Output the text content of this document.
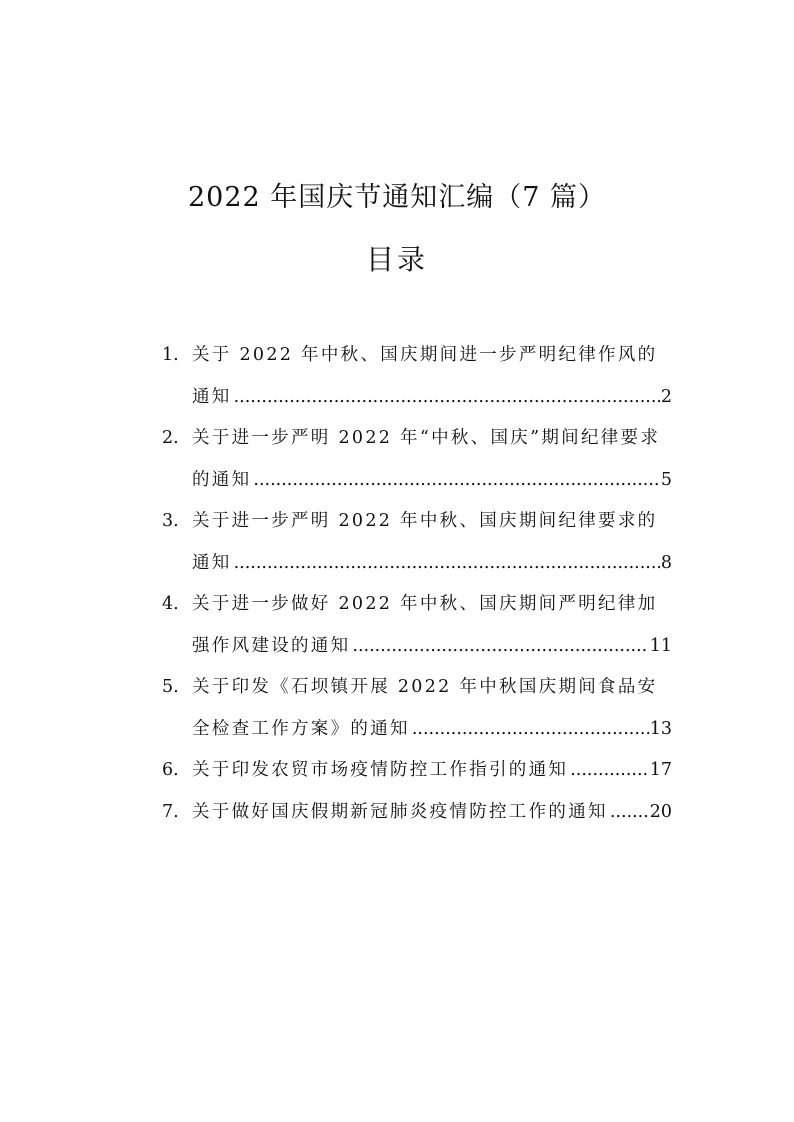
2022 年国庆节通知汇编（7 篇）
目录
1. 关于 2022 年中秋、国庆期间进一步严明纪律作风的
通知 .....	2
2. 关于进一步严明 2022 年“中秋、国庆”期间纪律要求
的通知 .....	5
3. 关于进一步严明 2022 年中秋、国庆期间纪律要求的
通知 .....	8
4. 关于进一步做好 2022 年中秋、国庆期间严明纪律加
强作风建设的通知 .....	11
5. 关于印发《石坝镇开展 2022 年中秋国庆期间食品安
全检查工作方案》的通知 .....	13
6. 关于印发农贸市场疫情防控工作指引的通知 .....	17
7. 关于做好国庆假期新冠肺炎疫情防控工作的通知 ..... 20
